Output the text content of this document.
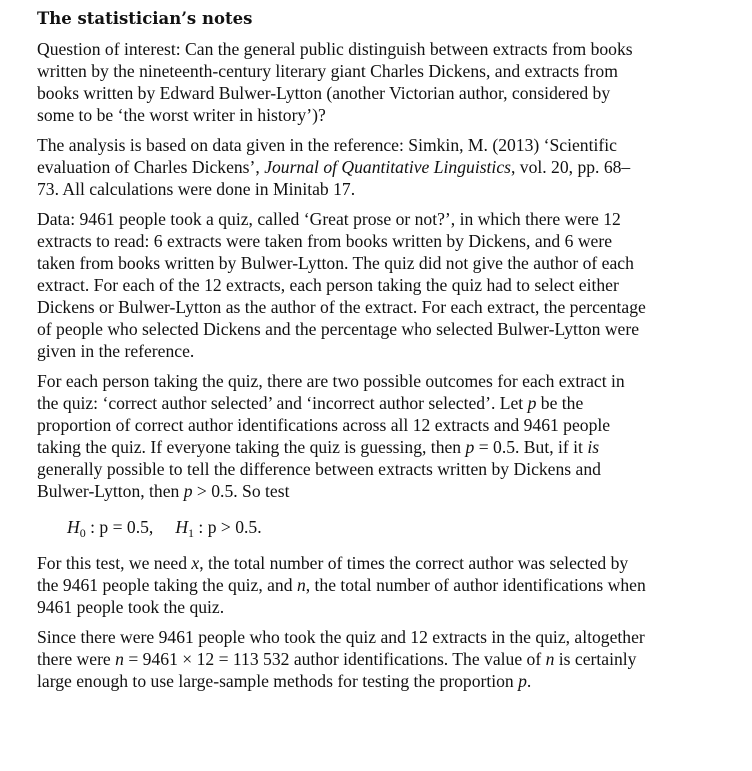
The statistician’s notes

Question of interest: Can the general public distinguish between extracts from books written by the nineteenth-century literary giant Charles Dickens, and extracts from books written by Edward Bulwer-Lytton (another Victorian author, considered by some to be ‘the worst writer in history’)?

The analysis is based on data given in the reference: Simkin, M. (2013) ‘Scientific evaluation of Charles Dickens’, Journal of Quantitative Linguistics, vol. 20, pp. 68–73. All calculations were done in Minitab 17.

Data: 9461 people took a quiz, called ‘Great prose or not?’, in which there were 12 extracts to read: 6 extracts were taken from books written by Dickens, and 6 were taken from books written by Bulwer-Lytton. The quiz did not give the author of each extract. For each of the 12 extracts, each person taking the quiz had to select either Dickens or Bulwer-Lytton as the author of the extract. For each extract, the percentage of people who selected Dickens and the percentage who selected Bulwer-Lytton were given in the reference.

For each person taking the quiz, there are two possible outcomes for each extract in the quiz: ‘correct author selected’ and ‘incorrect author selected’. Let p be the proportion of correct author identifications across all 12 extracts and 9461 people taking the quiz. If everyone taking the quiz is guessing, then p = 0.5. But, if it is generally possible to tell the difference between extracts written by Dickens and Bulwer-Lytton, then p > 0.5. So test

$H_0$ : p = 0.5, $H_1$ : p > 0.5.

For this test, we need x, the total number of times the correct author was selected by the 9461 people taking the quiz, and n, the total number of author identifications when 9461 people took the quiz.

Since there were 9461 people who took the quiz and 12 extracts in the quiz, altogether there were n = 9461 × 12 = 113 532 author identifications. The value of n is certainly large enough to use large-sample methods for testing the proportion p.
